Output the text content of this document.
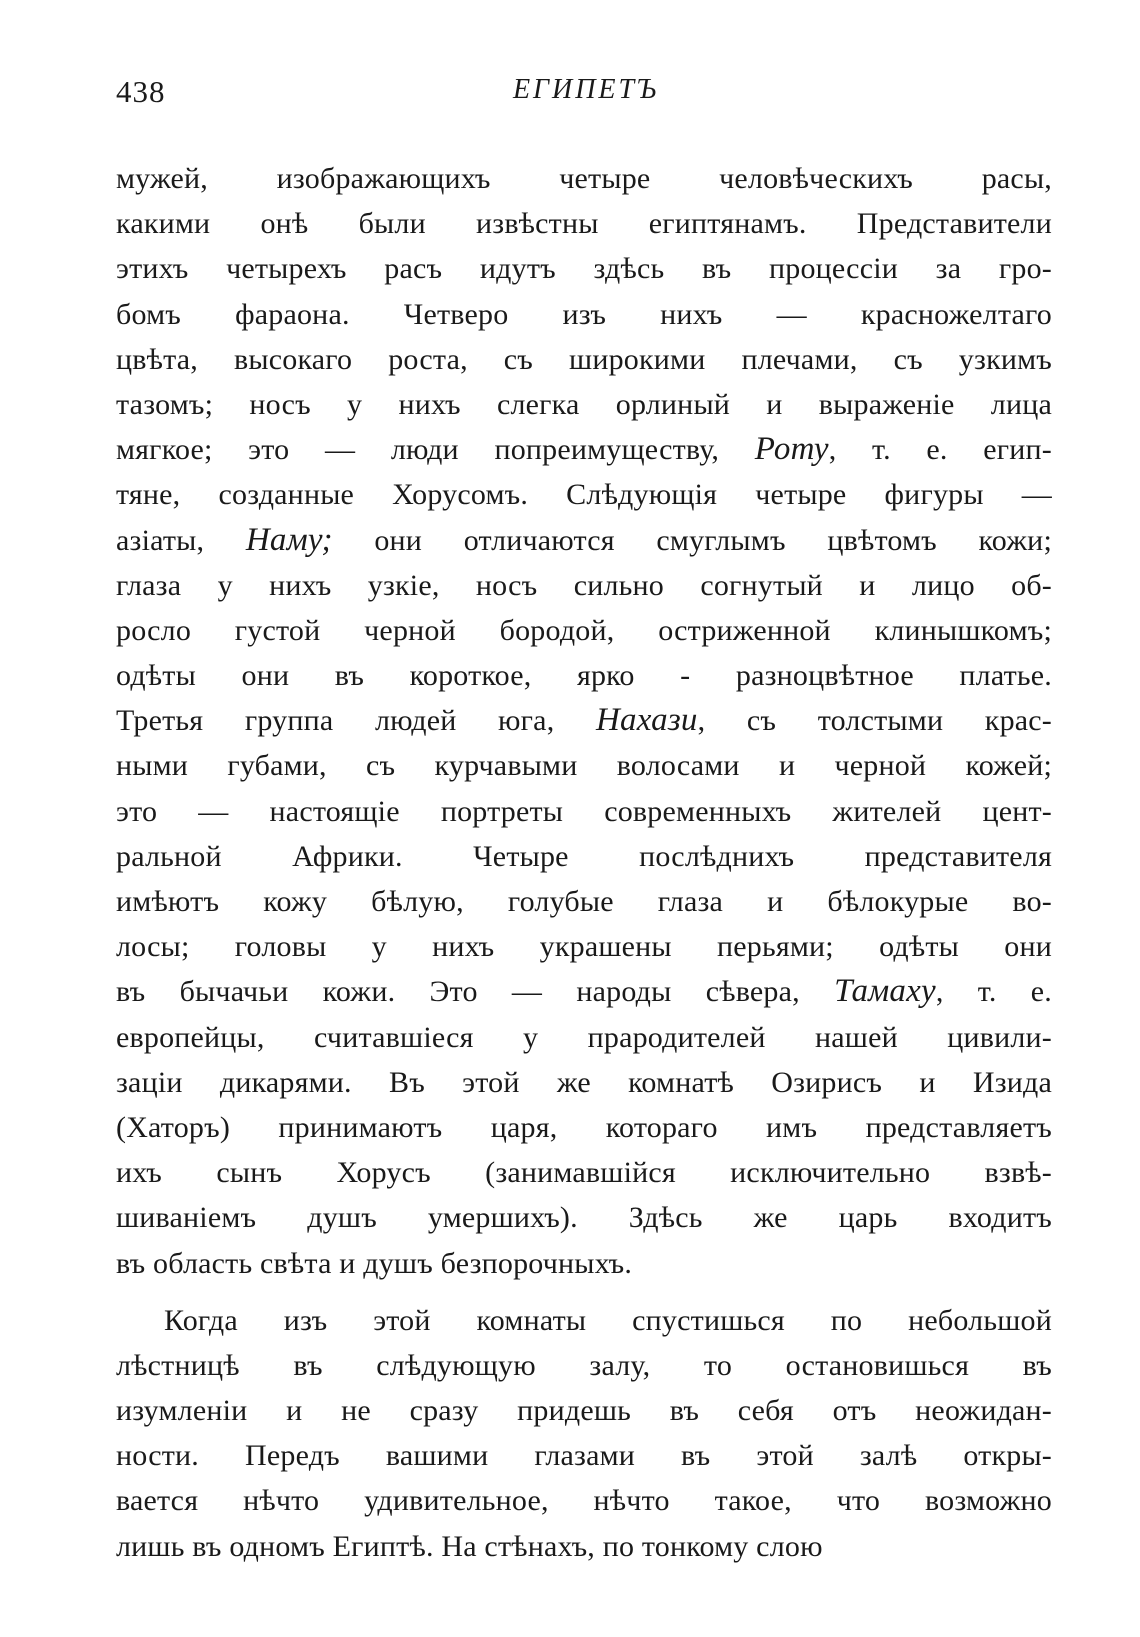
438	ЕГИПЕТЪ
мужей, изображающихъ четыре человѣческихъ расы,
какими онѣ были извѣстны египтянамъ. Представители
этихъ четырехъ расъ идутъ здѣсь въ процессіи за гро-
бомъ фараона. Четверо изъ нихъ — красножелтаго
цвѣта, высокаго роста, съ широкими плечами, съ узкимъ
тазомъ; носъ у нихъ слегка орлиный и выраженіе лица
мягкое; это — люди попреимуществу, Роту, т. е. егип-
тяне, созданные Хорусомъ. Слѣдующія четыре фигуры —
азіаты, Наму; они отличаются смуглымъ цвѣтомъ кожи;
глаза у нихъ узкіе, носъ сильно согнутый и лицо об-
росло густой черной бородой, остриженной клинышкомъ;
одѣты они въ короткое, ярко - разноцвѣтное платье.
Третья группа людей юга, Нахази, съ толстыми крас-
ными губами, съ курчавыми волосами и черной кожей;
это — настоящіе портреты современныхъ жителей цент-
ральной Африки. Четыре послѣднихъ представителя
имѣютъ кожу бѣлую, голубые глаза и бѣлокурые во-
лосы; головы у нихъ украшены перьями; одѣты они
въ бычачьи кожи. Это — народы сѣвера, Тамаху, т. е.
европейцы, считавшіеся у прародителей нашей цивили-
заціи дикарями. Въ этой же комнатѣ Озирисъ и Изида
(Хаторъ) принимаютъ царя, котораго имъ представляетъ
ихъ сынъ Хорусъ (занимавшійся исключительно взвѣ-
шиваніемъ душъ умершихъ). Здѣсь же царь входитъ
въ область свѣта и душъ безпорочныхъ.
Когда изъ этой комнаты спустишься по небольшой
лѣстницѣ въ слѣдующую залу, то остановишься въ
изумленіи и не сразу придешь въ себя отъ неожидан-
ности. Передъ вашими глазами въ этой залѣ откры-
вается нѣчто удивительное, нѣчто такое, что возможно
лишь въ одномъ Египтѣ. На стѣнахъ, по тонкому слою
